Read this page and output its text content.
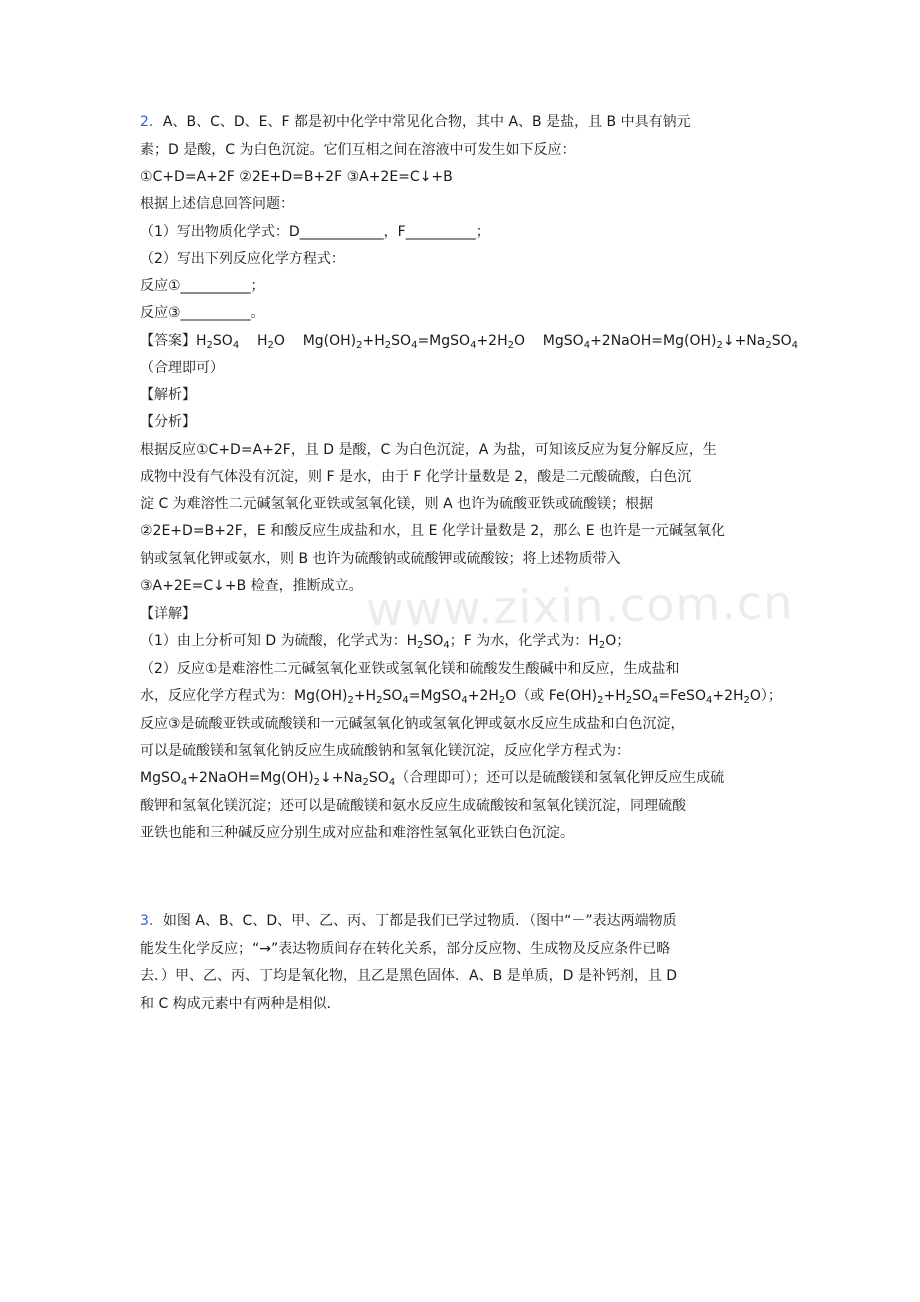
www.zixin.com.cn
2．A、B、C、D、E、F 都是初中化学中常见化合物，其中 A、B 是盐，且 B 中具有钠元
素；D 是酸，C 为白色沉淀。它们互相之间在溶液中可发生如下反应：
①C+D=A+2F ②2E+D=B+2F ③A+2E=C↓+B
根据上述信息回答问题：
（1）写出物质化学式：D____________，F__________；
（2）写出下列反应化学方程式：
反应①__________；
反应③__________。
【答案】$H_2SO_4$    $H_2O$    $Mg(OH)_2+H_2SO_4=MgSO_4+2H_2O$    $MgSO_4+2NaOH=Mg(OH)_2↓+Na_2SO_4$
（合理即可）
【解析】
【分析】
根据反应①C+D=A+2F，且 D 是酸，C 为白色沉淀，A 为盐，可知该反应为复分解反应，生
成物中没有气体没有沉淀，则 F 是水，由于 F 化学计量数是 2，酸是二元酸硫酸，白色沉
淀 C 为难溶性二元碱氢氧化亚铁或氢氧化镁，则 A 也许为硫酸亚铁或硫酸镁；根据
②2E+D=B+2F，E 和酸反应生成盐和水，且 E 化学计量数是 2，那么 E 也许是一元碱氢氧化
钠或氢氧化钾或氨水，则 B 也许为硫酸钠或硫酸钾或硫酸铵；将上述物质带入
③A+2E=C↓+B 检查，推断成立。
【详解】
（1）由上分析可知 D 为硫酸，化学式为：$H_2SO_4$；F 为水，化学式为：$H_2O$；
（2）反应①是难溶性二元碱氢氧化亚铁或氢氧化镁和硫酸发生酸碱中和反应，生成盐和
水，反应化学方程式为：$Mg(OH)_2+H_2SO_4=MgSO_4+2H_2O$（或 $Fe(OH)_2+H_2SO_4=FeSO_4+2H_2O$）；
反应③是硫酸亚铁或硫酸镁和一元碱氢氧化钠或氢氧化钾或氨水反应生成盐和白色沉淀，
可以是硫酸镁和氢氧化钠反应生成硫酸钠和氢氧化镁沉淀，反应化学方程式为：
$MgSO_4+2NaOH=Mg(OH)_2↓+Na_2SO_4$（合理即可）；还可以是硫酸镁和氢氧化钾反应生成硫
酸钾和氢氧化镁沉淀；还可以是硫酸镁和氨水反应生成硫酸铵和氢氧化镁沉淀，同理硫酸
亚铁也能和三种碱反应分别生成对应盐和难溶性氢氧化亚铁白色沉淀。
3．如图 A、B、C、D、甲、乙、丙、丁都是我们已学过物质．（图中“－”表达两端物质
能发生化学反应；“→”表达物质间存在转化关系，部分反应物、生成物及反应条件已略
去．）甲、乙、丙、丁均是氧化物，且乙是黑色固体．A、B 是单质，D 是补钙剂，且 D
和 C 构成元素中有两种是相似．
